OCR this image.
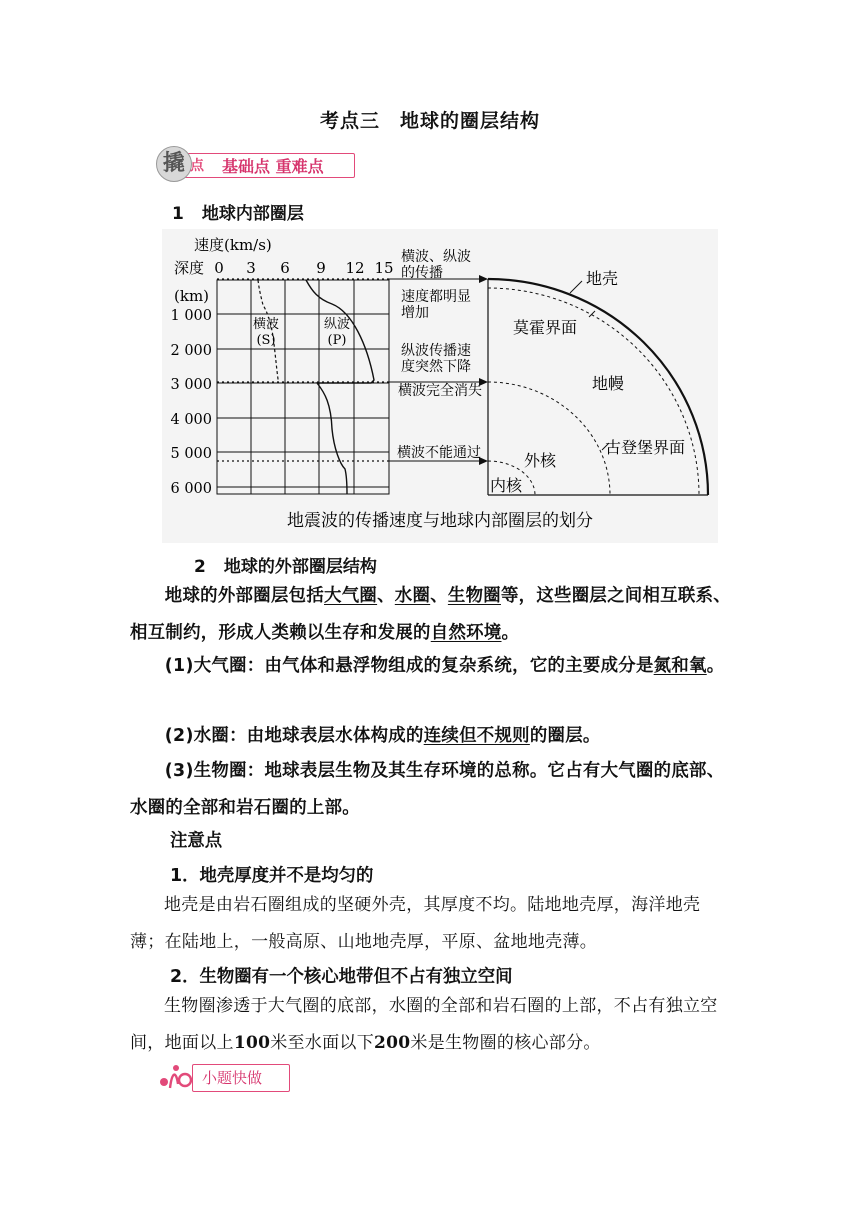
考点三　地球的圈层结构
撬 点 基础点 重难点
1 地球内部圈层
速度(km/s)
深度
(km)
0 3 6 9 12 15
1 000
2 000
3 000
4 000
5 000
6 000
横波
(S)
纵波
(P)
横波、纵波
的传播
速度都明显
增加
纵波传播速
度突然下降
横波完全消失
横波不能通过
地壳
莫霍界面
地幔
古登堡界面
外核
内核
地震波的传播速度与地球内部圈层的划分
2 地球的外部圈层结构

地球的外部圈层包括大气圈、水圈、生物圈等，这些圈层之间相互联系、相互制约，形成人类赖以生存和发展的自然环境。

(1)大气圈：由气体和悬浮物组成的复杂系统，它的主要成分是氮和氧。

(2)水圈：由地球表层水体构成的连续但不规则的圈层。

(3)生物圈：地球表层生物及其生存环境的总称。它占有大气圈的底部、水圈的全部和岩石圈的上部。

注意点
1．地壳厚度并不是均匀的

地壳是由岩石圈组成的坚硬外壳，其厚度不均。陆地地壳厚，海洋地壳薄；在陆地上，一般高原、山地地壳厚，平原、盆地地壳薄。

2．生物圈有一个核心地带但不占有独立空间

生物圈渗透于大气圈的底部，水圈的全部和岩石圈的上部，不占有独立空间，地面以上100米至水面以下200米是生物圈的核心部分。

小题快做
